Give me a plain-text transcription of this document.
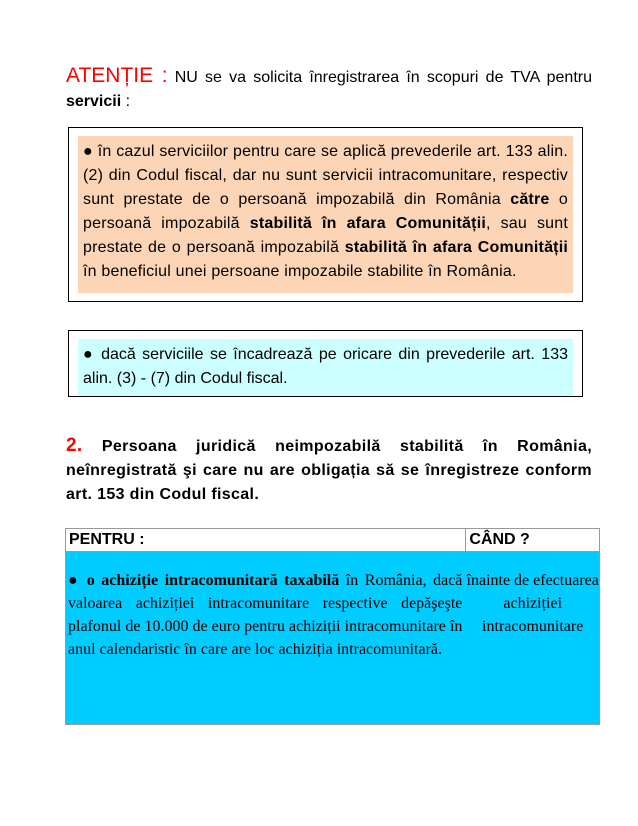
ATENȚIE : NU se va solicita înregistrarea în scopuri de TVA pentru servicii :
● în cazul serviciilor pentru care se aplică prevederile art. 133 alin. (2) din Codul fiscal, dar nu sunt servicii intracomunitare, respectiv sunt prestate de o persoană impozabilă din România către o persoană impozabilă stabilită în afara Comunității, sau sunt prestate de o persoană impozabilă stabilită în afara Comunității în beneficiul unei persoane impozabile stabilite în România.
● dacă serviciile se încadrează pe oricare din prevederile art. 133 alin. (3) - (7) din Codul fiscal.
2. Persoana juridică neimpozabilă stabilită în România, neînregistrată şi care nu are obligația să se înregistreze conform art. 153 din Codul fiscal.
PENTRU :	CÂND ?

● o achiziție intracomunitară taxabilă în România, dacă valoarea achiziției intracomunitare respective depăşeşte plafonul de 10.000 de euro pentru achiziții intracomunitare în anul calendaristic în care are loc achiziția intracomunitară.	înainte de efectuarea achiziției intracomunitare
